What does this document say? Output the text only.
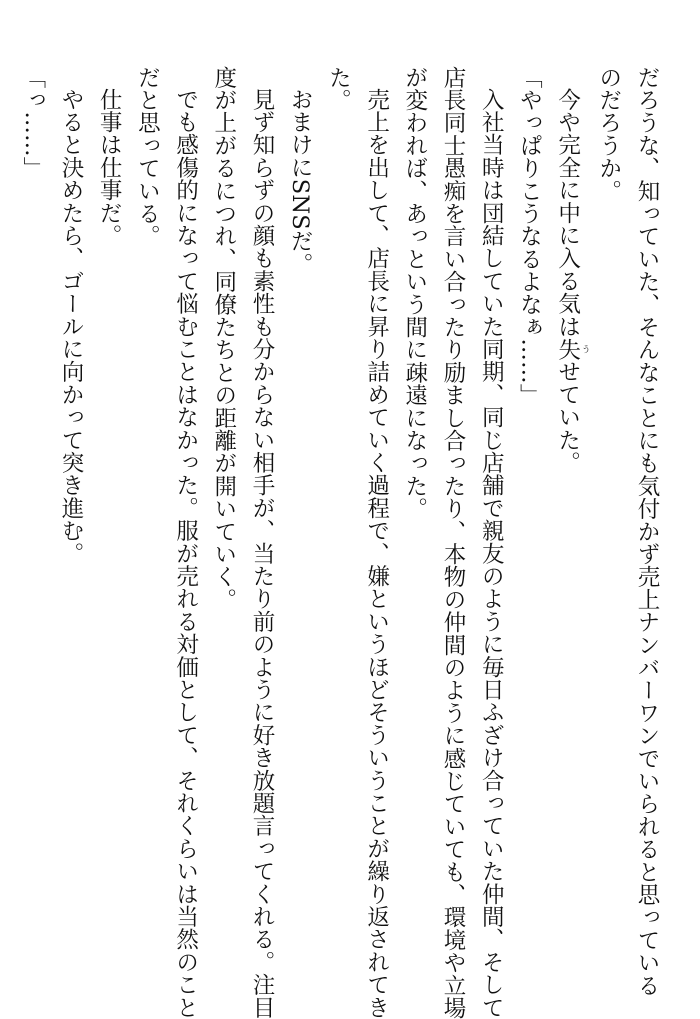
だろうな、知っていた、そんなことにも気付かず売上ナンバーワンでいられると思っている
のだろうか。
今や完全に中に入る気は失 うせていた。
「やっぱりこうなるよなぁ……」
入社当時は団結していた同期、同じ店舗で親友のように毎日ふざけ合っていた仲間、そして
店長同士愚痴を言い合ったり励まし合ったり、本物の仲間のように感じていても、環境や立場
が変われば、あっという間に疎遠になった。
売上を出して、店長に昇り詰めていく過程で、嫌というほどそういうことが繰り返されてき
た。
おまけにSNSだ。
見ず知らずの顔も素性も分からない相手が、当たり前のように好き放題言ってくれる。注目
度が上がるにつれ、同僚たちとの距離が開いていく。
でも感傷的になって悩むことはなかった。服が売れる対価として、それくらいは当然のこと
だと思っている。
仕事は仕事だ。
やると決めたら、ゴールに向かって突き進む。
「っ……」
